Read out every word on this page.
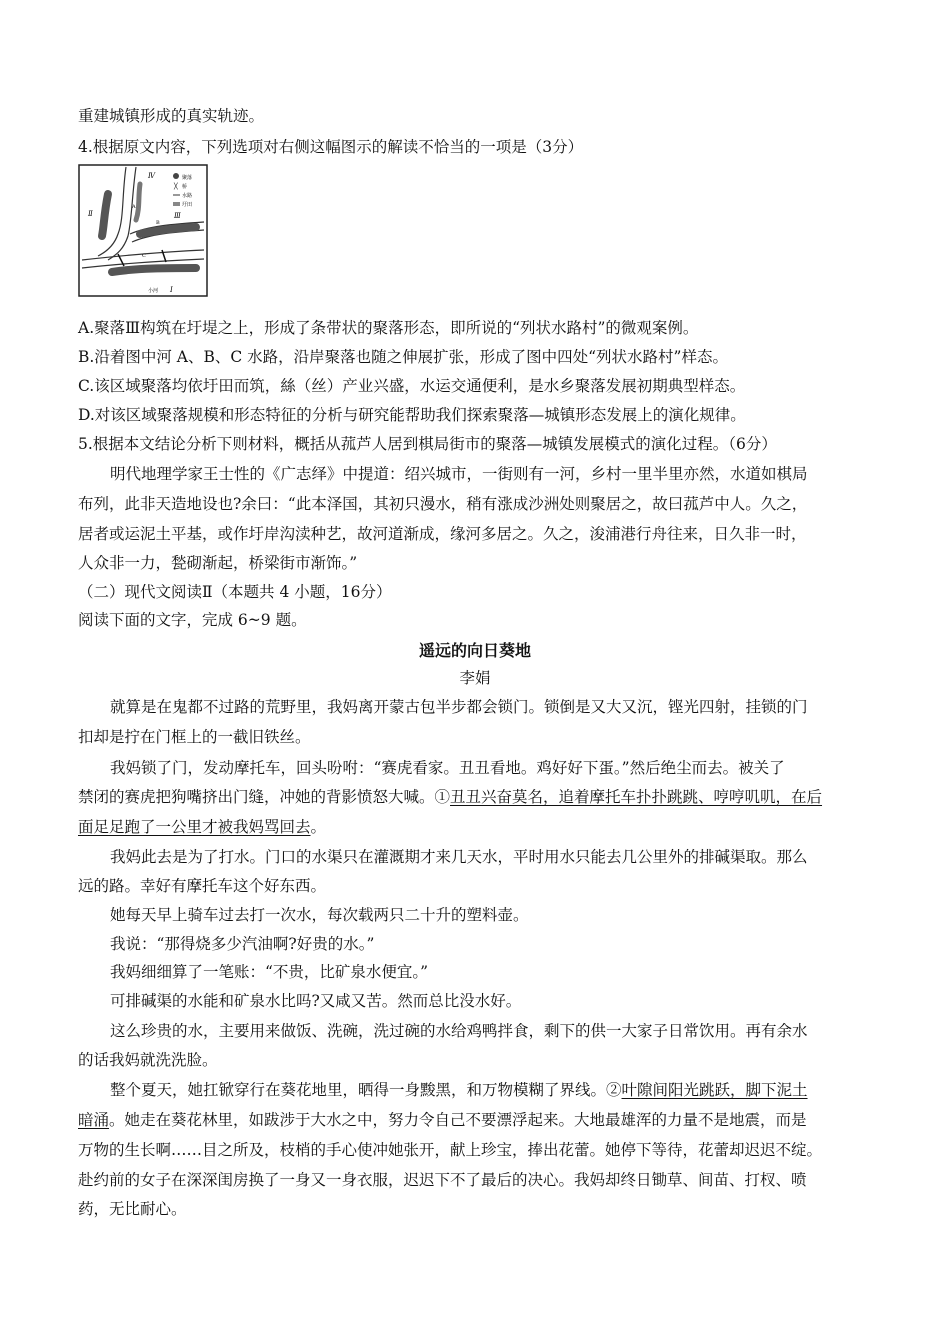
重建城镇形成的真实轨迹。
4.根据原文内容，下列选项对右侧这幅图示的解读不恰当的一项是（3分）
聚落
╳ 桥
水路
圩田
Ⅳ
Ⅱ	Ⅲ
Ⅰ
A
B
C
小河
A.聚落Ⅲ构筑在圩堤之上，形成了条带状的聚落形态，即所说的“列状水路村”的微观案例。
B.沿着图中河 A、B、C 水路，沿岸聚落也随之伸展扩张，形成了图中四处“列状水路村”样态。
C.该区域聚落均依圩田而筑，絲（丝）产业兴盛，水运交通便利，是水乡聚落发展初期典型样态。
D.对该区域聚落规模和形态特征的分析与研究能帮助我们探索聚落—城镇形态发展上的演化规律。
5.根据本文结论分析下则材料，概括从菰芦人居到棋局街市的聚落—城镇发展模式的演化过程。（6分）
明代地理学家王士性的《广志绎》中提道：绍兴城市，一街则有一河，乡村一里半里亦然，水道如棋局
布列，此非天造地设也?余曰：“此本泽国，其初只漫水，稍有涨成沙洲处则聚居之，故曰菰芦中人。久之，
居者或运泥土平基，或作圩岸沟渎种艺，故河道渐成，缘河多居之。久之，浚浦港行舟往来，日久非一时，
人众非一力，甃砌渐起，桥梁街市渐饰。”
（二）现代文阅读Ⅱ（本题共 4 小题，16分）
阅读下面的文字，完成 6~9 题。
遥远的向日葵地
李娟
就算是在鬼都不过路的荒野里，我妈离开蒙古包半步都会锁门。锁倒是又大又沉，铿光四射，挂锁的门
扣却是拧在门框上的一截旧铁丝。
我妈锁了门，发动摩托车，回头吩咐：“赛虎看家。丑丑看地。鸡好好下蛋。”然后绝尘而去。被关了
禁闭的赛虎把狗嘴挤出门缝，冲她的背影愤怒大喊。①丑丑兴奋莫名，追着摩托车扑扑跳跳、哼哼叽叽，在后
面足足跑了一公里才被我妈骂回去。
我妈此去是为了打水。门口的水渠只在灌溉期才来几天水，平时用水只能去几公里外的排碱渠取。那么
远的路。幸好有摩托车这个好东西。
她每天早上骑车过去打一次水，每次载两只二十升的塑料壶。
我说：“那得烧多少汽油啊?好贵的水。”
我妈细细算了一笔账：“不贵，比矿泉水便宜。”
可排碱渠的水能和矿泉水比吗?又咸又苦。然而总比没水好。
这么珍贵的水，主要用来做饭、洗碗，洗过碗的水给鸡鸭拌食，剩下的供一大家子日常饮用。再有余水
的话我妈就洗洗脸。
整个夏天，她扛锨穿行在葵花地里，晒得一身黢黑，和万物模糊了界线。②叶隙间阳光跳跃，脚下泥土
暗涌。她走在葵花林里，如跋涉于大水之中，努力令自己不要漂浮起来。大地最雄浑的力量不是地震，而是
万物的生长啊……目之所及，枝梢的手心使冲她张开，献上珍宝，捧出花蕾。她停下等待，花蕾却迟迟不绽。
赴约前的女子在深深闺房换了一身又一身衣服，迟迟下不了最后的决心。我妈却终日锄草、间苗、打杈、喷
药，无比耐心。
